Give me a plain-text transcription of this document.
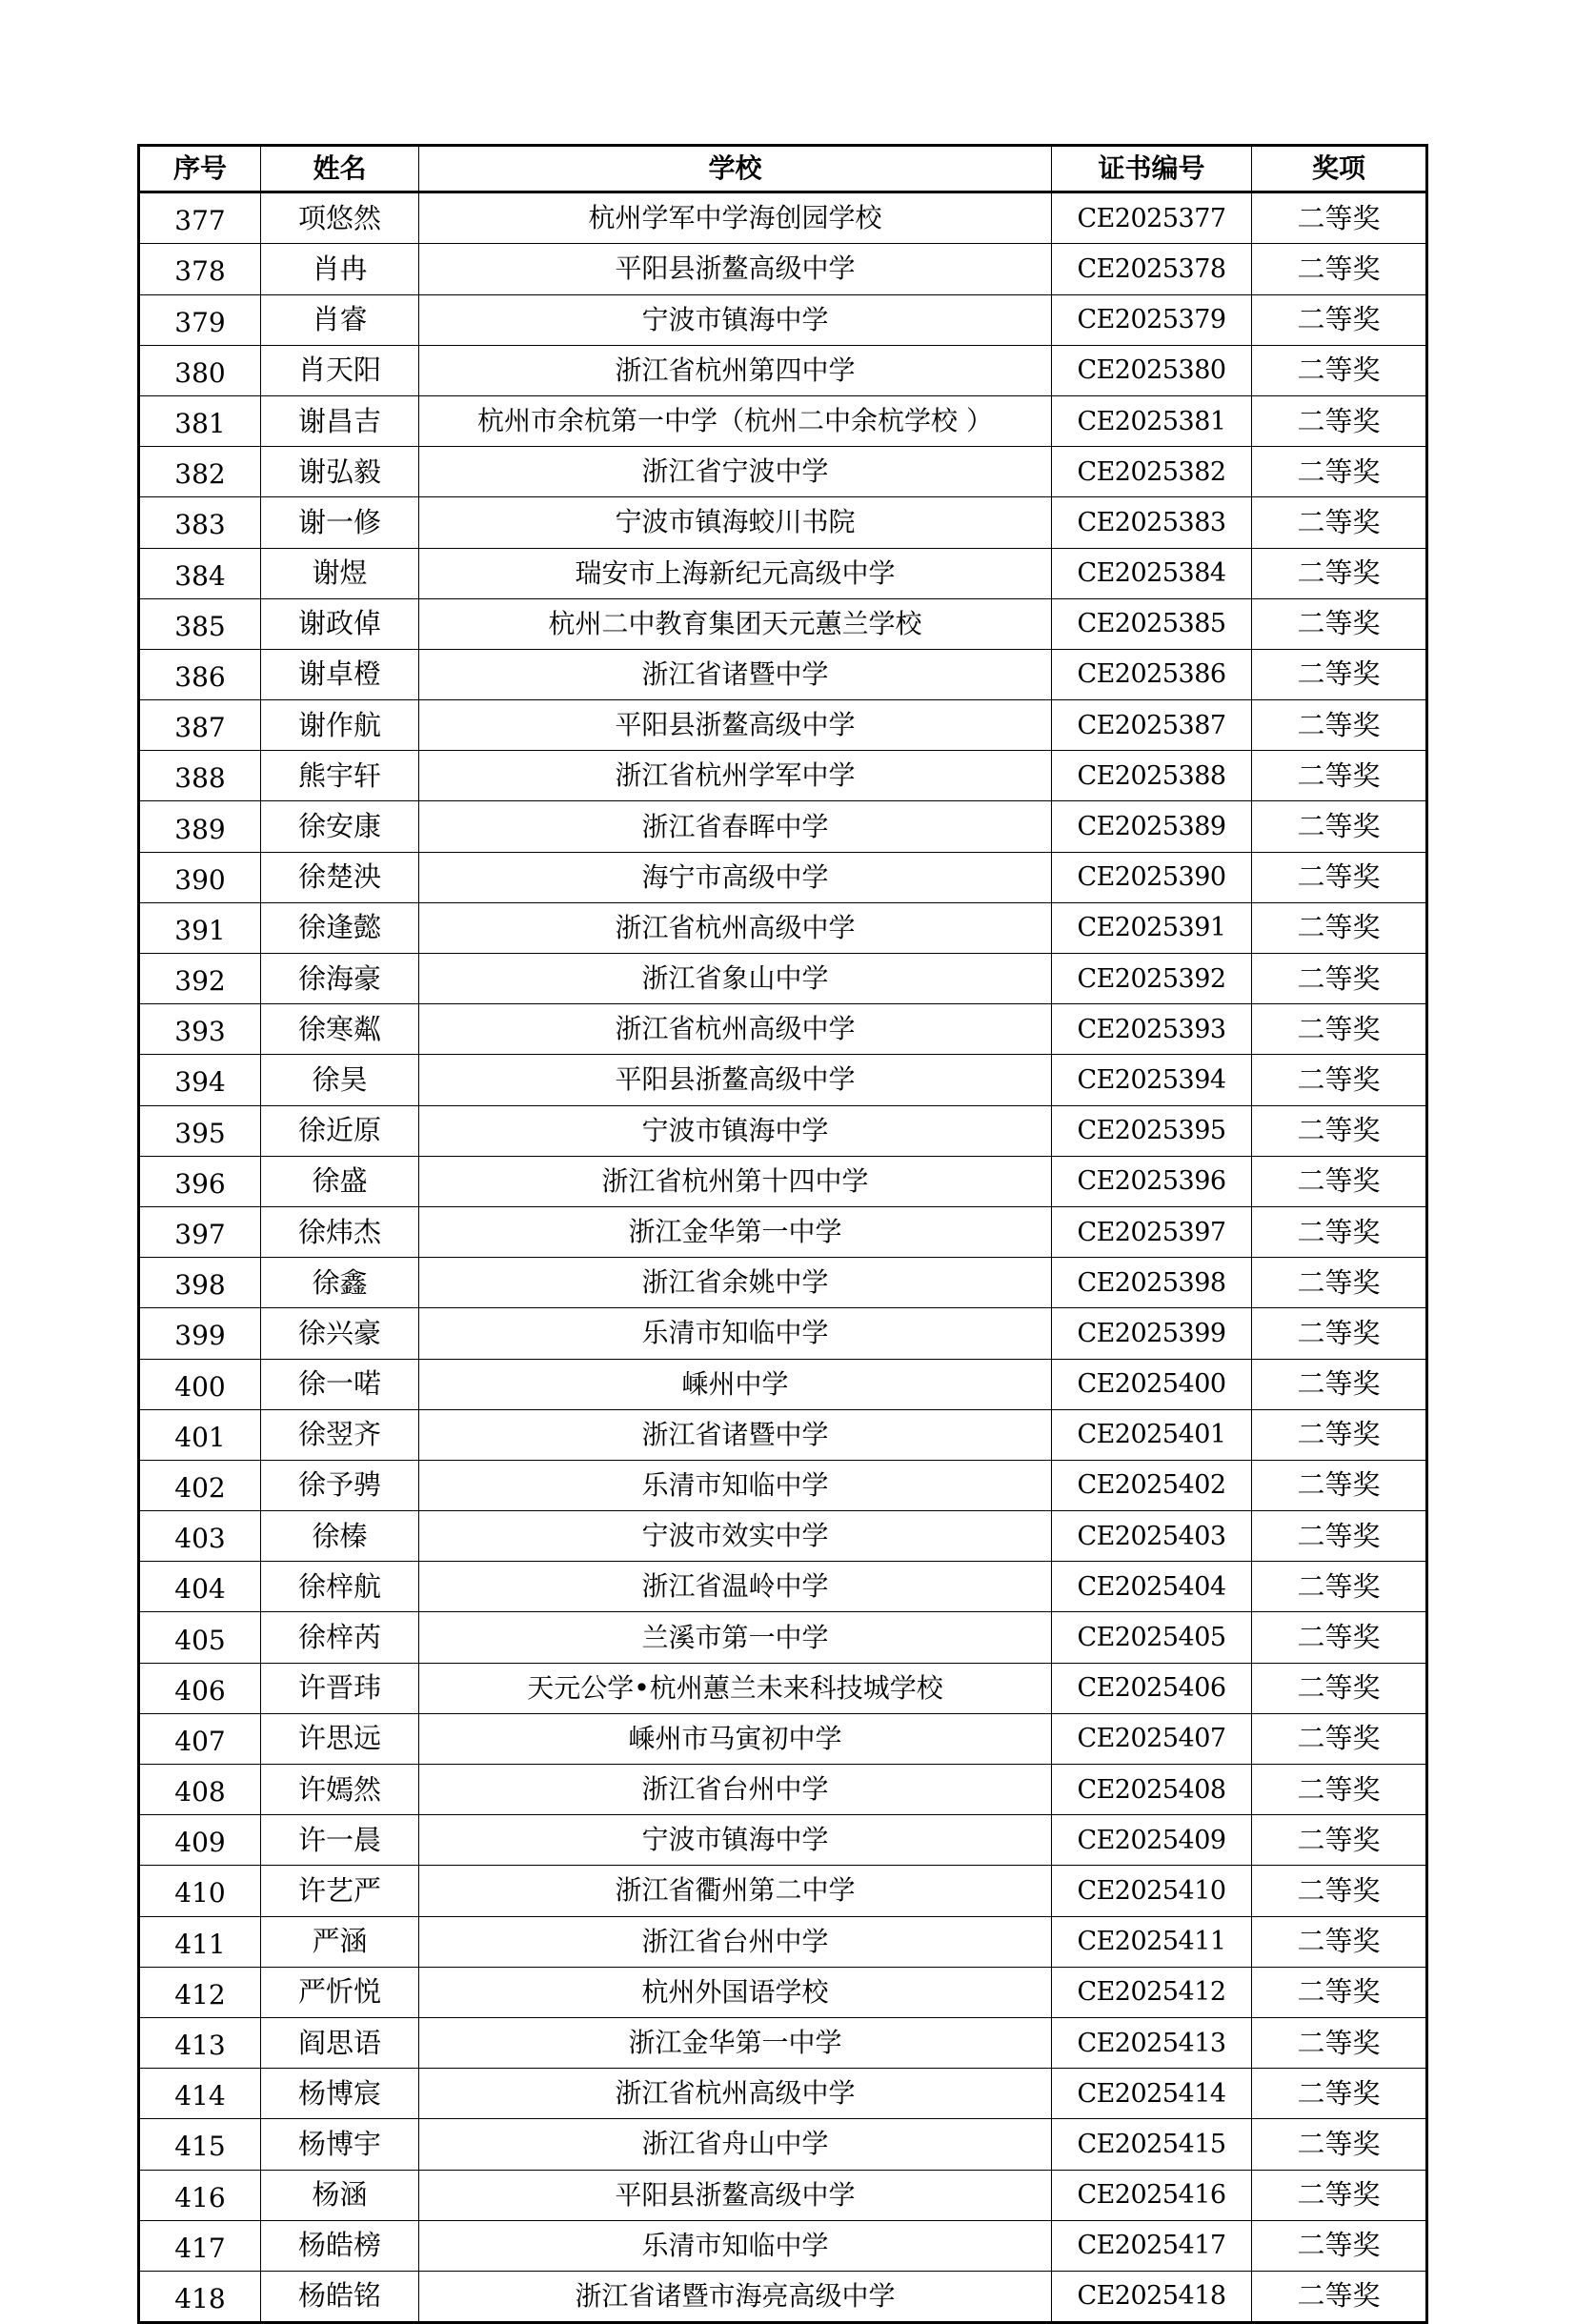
序号	姓名	学校	证书编号	奖项
377	项悠然	杭州学军中学海创园学校	CE2025377	二等奖
378	肖冉	平阳县浙鳌高级中学	CE2025378	二等奖
379	肖睿	宁波市镇海中学	CE2025379	二等奖
380	肖天阳	浙江省杭州第四中学	CE2025380	二等奖
381	谢昌吉	杭州市余杭第一中学（杭州二中余杭学校 ）	CE2025381	二等奖
382	谢弘毅	浙江省宁波中学	CE2025382	二等奖
383	谢一修	宁波市镇海蛟川书院	CE2025383	二等奖
384	谢煜	瑞安市上海新纪元高级中学	CE2025384	二等奖
385	谢政倬	杭州二中教育集团天元蕙兰学校	CE2025385	二等奖
386	谢卓橙	浙江省诸暨中学	CE2025386	二等奖
387	谢作航	平阳县浙鳌高级中学	CE2025387	二等奖
388	熊宇轩	浙江省杭州学军中学	CE2025388	二等奖
389	徐安康	浙江省春晖中学	CE2025389	二等奖
390	徐楚泱	海宁市高级中学	CE2025390	二等奖
391	徐逢懿	浙江省杭州高级中学	CE2025391	二等奖
392	徐海豪	浙江省象山中学	CE2025392	二等奖
393	徐寒粼	浙江省杭州高级中学	CE2025393	二等奖
394	徐昊	平阳县浙鳌高级中学	CE2025394	二等奖
395	徐近原	宁波市镇海中学	CE2025395	二等奖
396	徐盛	浙江省杭州第十四中学	CE2025396	二等奖
397	徐炜杰	浙江金华第一中学	CE2025397	二等奖
398	徐鑫	浙江省余姚中学	CE2025398	二等奖
399	徐兴豪	乐清市知临中学	CE2025399	二等奖
400	徐一喏	嵊州中学	CE2025400	二等奖
401	徐翌齐	浙江省诸暨中学	CE2025401	二等奖
402	徐予骋	乐清市知临中学	CE2025402	二等奖
403	徐榛	宁波市效实中学	CE2025403	二等奖
404	徐梓航	浙江省温岭中学	CE2025404	二等奖
405	徐梓芮	兰溪市第一中学	CE2025405	二等奖
406	许晋玮	天元公学•杭州蕙兰未来科技城学校	CE2025406	二等奖
407	许思远	嵊州市马寅初中学	CE2025407	二等奖
408	许嫣然	浙江省台州中学	CE2025408	二等奖
409	许一晨	宁波市镇海中学	CE2025409	二等奖
410	许艺严	浙江省衢州第二中学	CE2025410	二等奖
411	严涵	浙江省台州中学	CE2025411	二等奖
412	严忻悦	杭州外国语学校	CE2025412	二等奖
413	阎思语	浙江金华第一中学	CE2025413	二等奖
414	杨博宸	浙江省杭州高级中学	CE2025414	二等奖
415	杨博宇	浙江省舟山中学	CE2025415	二等奖
416	杨涵	平阳县浙鳌高级中学	CE2025416	二等奖
417	杨皓榜	乐清市知临中学	CE2025417	二等奖
418	杨皓铭	浙江省诸暨市海亮高级中学	CE2025418	二等奖
